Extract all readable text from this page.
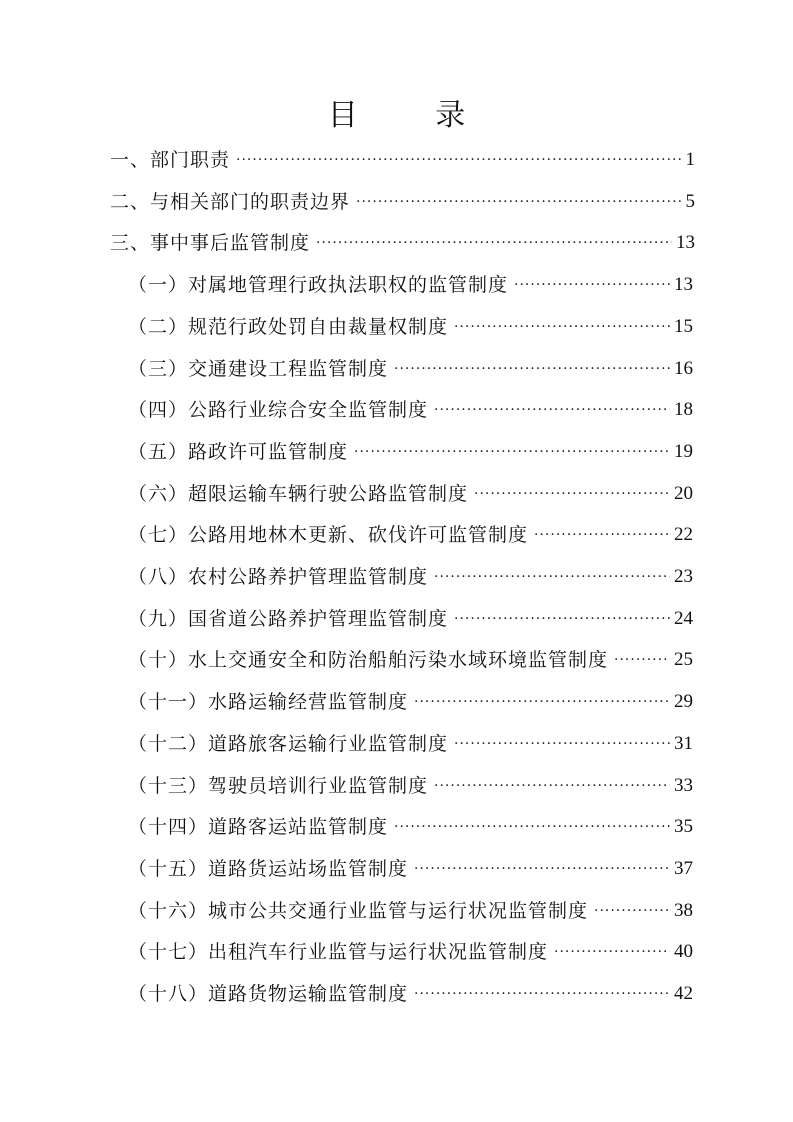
目 录
一、部门职责 ·····	1
二、与相关部门的职责边界 ·····	5
三、事中事后监管制度 ·····	13
（一）对属地管理行政执法职权的监管制度 ·····	13
（二）规范行政处罚自由裁量权制度 ·····	15
（三）交通建设工程监管制度 ·····	16
（四）公路行业综合安全监管制度 ·····	18
（五）路政许可监管制度 ·····	19
（六）超限运输车辆行驶公路监管制度 ·····	20
（七）公路用地林木更新、砍伐许可监管制度 ·····	22
（八）农村公路养护管理监管制度 ·····	23
（九）国省道公路养护管理监管制度 ·····	24
（十）水上交通安全和防治船舶污染水域环境监管制度 ·····	25
（十一）水路运输经营监管制度 ·····	29
（十二）道路旅客运输行业监管制度 ·····	31
（十三）驾驶员培训行业监管制度 ·····	33
（十四）道路客运站监管制度 ·····	35
（十五）道路货运站场监管制度 ·····	37
（十六）城市公共交通行业监管与运行状况监管制度 ·····	38
（十七）出租汽车行业监管与运行状况监管制度 ·····	40
（十八）道路货物运输监管制度 ·····	42
